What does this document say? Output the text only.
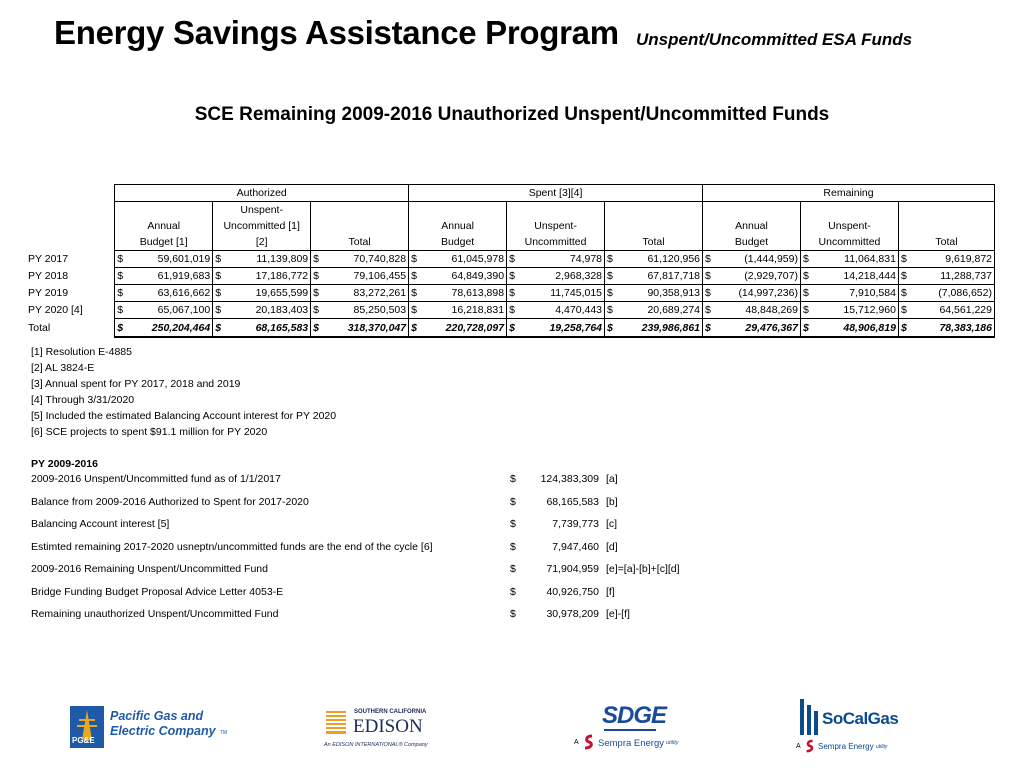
Energy Savings Assistance Program Unspent/Uncommitted ESA Funds
SCE Remaining 2009-2016 Unauthorized Unspent/Uncommitted Funds
	Authorized						Spent [3][4]						Remaining					
			Unspent-															
	Annual		Uncommitted [1]				Annual		Unspent-				Annual		Unspent-			
	Budget [1]		[2]		Total		Budget		Uncommitted		Total		Budget		Uncommitted		Total	
PY 2017	$	59,601,019	$	11,139,809	$	70,740,828	$	61,045,978	$	74,978	$	61,120,956	$	(1,444,959)	$	11,064,831	$	9,619,872
PY 2018	$	61,919,683	$	17,186,772	$	79,106,455	$	64,849,390	$	2,968,328	$	67,817,718	$	(2,929,707)	$	14,218,444	$	11,288,737
PY 2019	$	63,616,662	$	19,655,599	$	83,272,261	$	78,613,898	$	11,745,015	$	90,358,913	$	(14,997,236)	$	7,910,584	$	(7,086,652)
PY 2020 [4]	$	65,067,100	$	20,183,403	$	85,250,503	$	16,218,831	$	4,470,443	$	20,689,274	$	48,848,269	$	15,712,960	$	64,561,229
Total	$	250,204,464	$	68,165,583	$	318,370,047	$	220,728,097	$	19,258,764	$	239,986,861	$	29,476,367	$	48,906,819	$	78,383,186
[1] Resolution E-4885
[2] AL 3824-E
[3] Annual spent for PY 2017, 2018 and 2019
[4] Through 3/31/2020
[5] Included the estimated Balancing Account interest for PY 2020
[6] SCE projects to spent $91.1 million for PY 2020
PY 2009-2016
2009-2016 Unspent/Uncommitted fund as of 1/1/2017	$	124,383,309 [a]
Balance from 2009-2016 Authorized to Spent for 2017-2020	$	68,165,583 [b]
Balancing Account interest [5]	$	7,739,773 [c]
Estimted remaining 2017-2020 usneptn/uncommitted funds are the end of the cycle [6]	$	7,947,460 [d]
2009-2016 Remaining Unspent/Uncommitted Fund	$	71,904,959 [e]=[a]-[b]+[c][d]
Bridge Funding Budget Proposal Advice Letter 4053-E	$	40,926,750 [f]
Remaining unauthorized Unspent/Uncommitted Fund	$	30,978,209 [e]-[f]
PG&E
Pacific Gas and
Electric Company TM
SOUTHERN CALIFORNIA
EDISON
An EDISON INTERNATIONAL® Company
SDGE
A Sempra Energy utility
SoCalGas
A Sempra Energy utility
